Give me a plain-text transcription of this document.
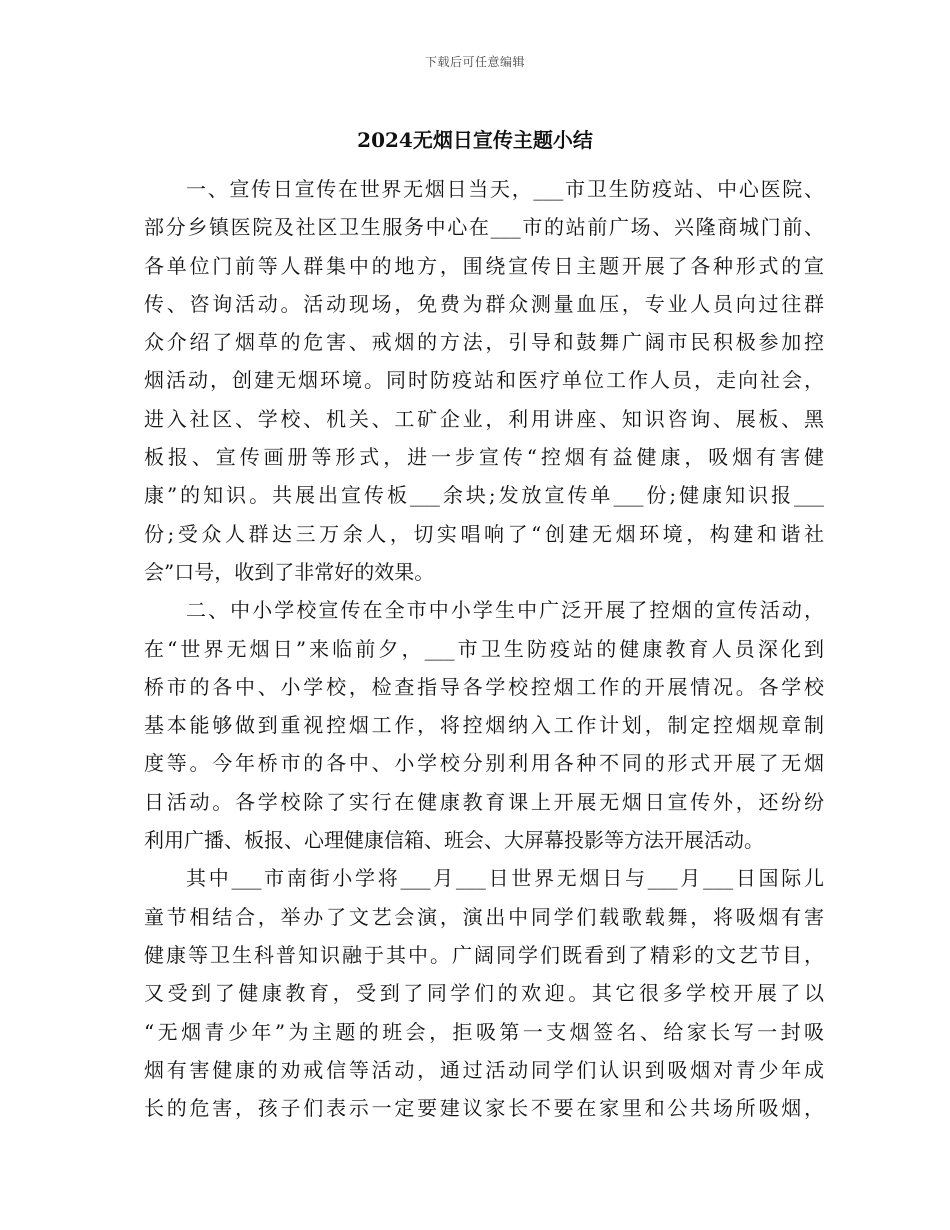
下载后可任意编辑
2024无烟日宣传主题小结
一、宣传日宣传在世界无烟日当天，___市卫生防疫站、中心医院、
部分乡镇医院及社区卫生服务中心在___市的站前广场、兴隆商城门前、
各单位门前等人群集中的地方，围绕宣传日主题开展了各种形式的宣
传、咨询活动。活动现场，免费为群众测量血压，专业人员向过往群
众介绍了烟草的危害、戒烟的方法，引导和鼓舞广阔市民积极参加控
烟活动，创建无烟环境。同时防疫站和医疗单位工作人员，走向社会，
进入社区、学校、机关、工矿企业，利用讲座、知识咨询、展板、黑
板报、宣传画册等形式，进一步宣传“控烟有益健康，吸烟有害健
康”的知识。共展出宣传板___余块;发放宣传单___份;健康知识报___
份;受众人群达三万余人，切实唱响了“创建无烟环境，构建和谐社
会”口号，收到了非常好的效果。
二、中小学校宣传在全市中小学生中广泛开展了控烟的宣传活动，
在“世界无烟日”来临前夕，___市卫生防疫站的健康教育人员深化到
桥市的各中、小学校，检查指导各学校控烟工作的开展情况。各学校
基本能够做到重视控烟工作，将控烟纳入工作计划，制定控烟规章制
度等。今年桥市的各中、小学校分别利用各种不同的形式开展了无烟
日活动。各学校除了实行在健康教育课上开展无烟日宣传外，还纷纷
利用广播、板报、心理健康信箱、班会、大屏幕投影等方法开展活动。
其中___市南街小学将___月___日世界无烟日与___月___日国际儿
童节相结合，举办了文艺会演，演出中同学们载歌载舞，将吸烟有害
健康等卫生科普知识融于其中。广阔同学们既看到了精彩的文艺节目，
又受到了健康教育，受到了同学们的欢迎。其它很多学校开展了以
“无烟青少年”为主题的班会，拒吸第一支烟签名、给家长写一封吸
烟有害健康的劝戒信等活动，通过活动同学们认识到吸烟对青少年成
长的危害，孩子们表示一定要建议家长不要在家里和公共场所吸烟，
